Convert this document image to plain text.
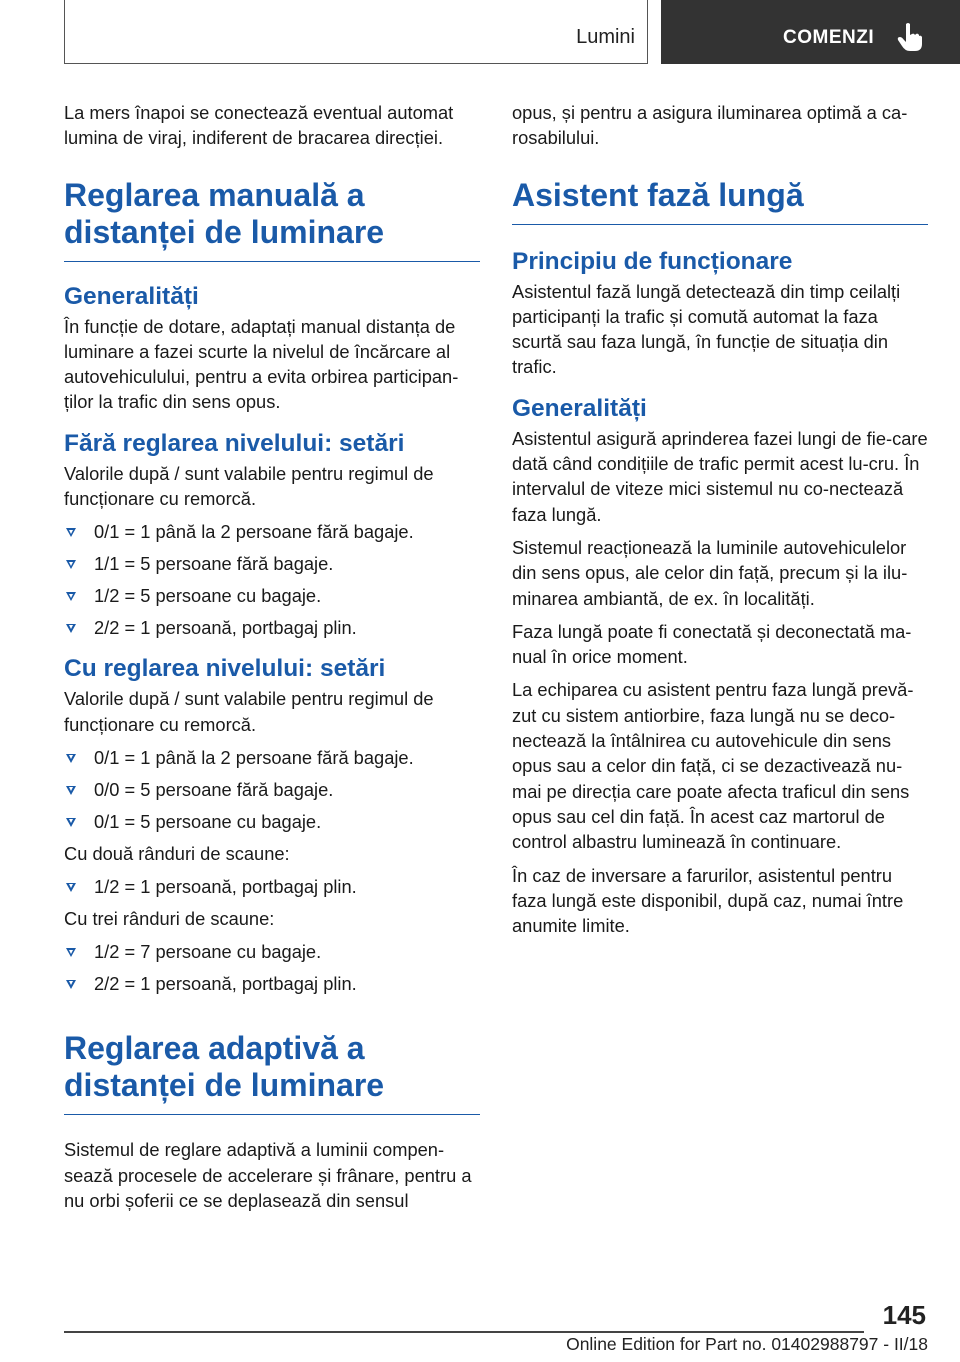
Lumini	COMENZI

La mers înapoi se conectează eventual automat lumina de viraj, indiferent de bracarea direcției.

Reglarea manuală a distanței de luminare
Generalități

În funcție de dotare, adaptați manual distanța de luminare a fazei scurte la nivelul de încărcare al autovehiculului, pentru a evita orbirea participan‐ților la trafic din sens opus.

Fără reglarea nivelului: setări

Valorile după / sunt valabile pentru regimul de funcționare cu remorcă.

0/1 = 1 până la 2 persoane fără bagaje.
1/1 = 5 persoane fără bagaje.
1/2 = 5 persoane cu bagaje.
2/2 = 1 persoană, portbagaj plin.
Cu reglarea nivelului: setări

Valorile după / sunt valabile pentru regimul de funcționare cu remorcă.

0/1 = 1 până la 2 persoane fără bagaje.
0/0 = 5 persoane fără bagaje.
0/1 = 5 persoane cu bagaje.

Cu două rânduri de scaune:

1/2 = 1 persoană, portbagaj plin.

Cu trei rânduri de scaune:

1/2 = 7 persoane cu bagaje.
2/2 = 1 persoană, portbagaj plin.
Reglarea adaptivă a distanței de luminare

Sistemul de reglare adaptivă a luminii compen‐sează procesele de accelerare și frânare, pentru a nu orbi șoferii ce se deplasează din sensul

opus, și pentru a asigura iluminarea optimă a ca‐rosabilului.

Asistent fază lungă
Principiu de funcționare

Asistentul fază lungă detectează din timp ceilalți participanți la trafic și comută automat la faza scurtă sau faza lungă, în funcție de situația din trafic.

Generalități

Asistentul asigură aprinderea fazei lungi de fie‐care dată când condițiile de trafic permit acest lu‐cru. În intervalul de viteze mici sistemul nu co‐nectează faza lungă.

Sistemul reacționează la luminile autovehiculelor din sens opus, ale celor din față, precum și la ilu‐minarea ambiantă, de ex. în localități.

Faza lungă poate fi conectată și deconectată ma‐nual în orice moment.

La echiparea cu asistent pentru faza lungă prevă‐zut cu sistem antiorbire, faza lungă nu se deco‐nectează la întâlnirea cu autovehicule din sens opus sau a celor din față, ci se dezactivează nu‐mai pe direcția care poate afecta traficul din sens opus sau cel din față. În acest caz martorul de control albastru luminează în continuare.

În caz de inversare a farurilor, asistentul pentru faza lungă este disponibil, după caz, numai între anumite limite.

145
Online Edition for Part no. 01402988797 - II/18
